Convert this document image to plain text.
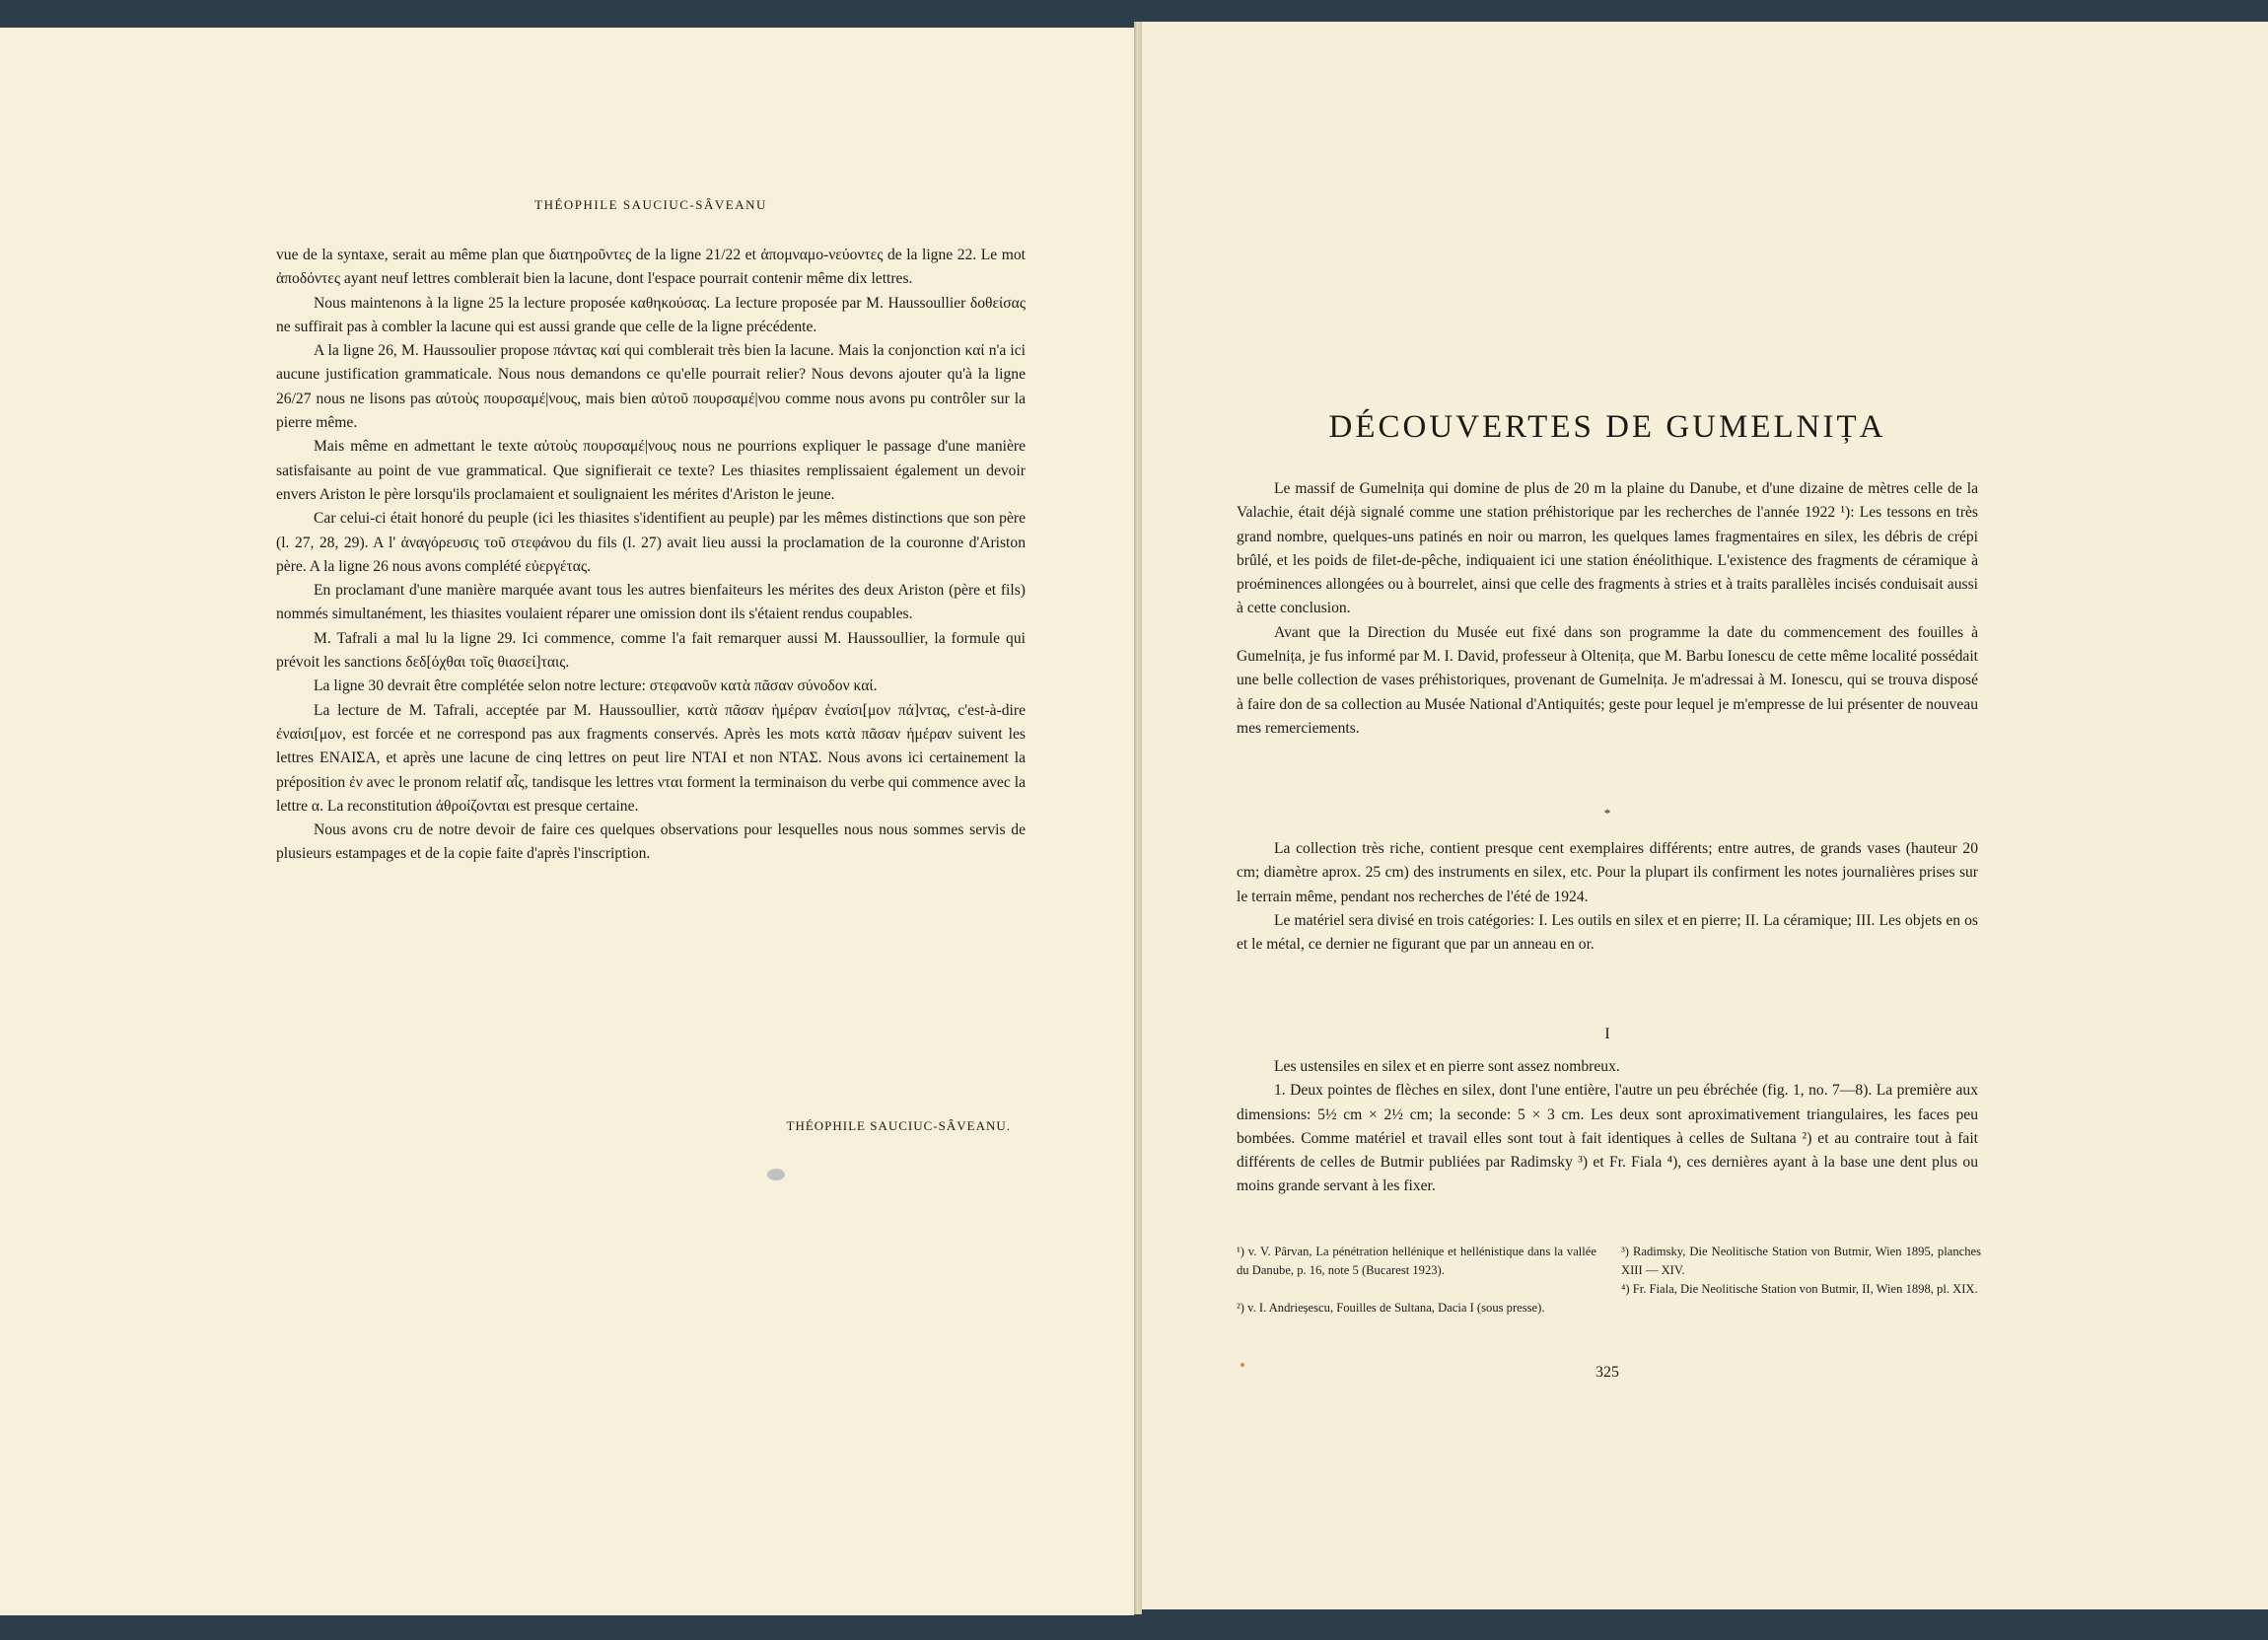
THÉOPHILE SAUCIUC-SÂVEANU

vue de la syntaxe, serait au même plan que διατηροῦντες de la ligne 21/22 et ἀπομναμο-νεύοντες de la ligne 22. Le mot ἀποδόντες ayant neuf lettres comblerait bien la lacune, dont l'espace pourrait contenir même dix lettres.

Nous maintenons à la ligne 25 la lecture proposée καθηκούσας. La lecture proposée par M. Haussoullier δοθείσας ne suffirait pas à combler la lacune qui est aussi grande que celle de la ligne précédente.

A la ligne 26, M. Haussoulier propose πάντας καί qui comblerait très bien la lacune. Mais la conjonction καί n'a ici aucune justification grammaticale. Nous nous demandons ce qu'elle pourrait relier? Nous devons ajouter qu'à la ligne 26/27 nous ne lisons pas αὐτοὺς πουρσαμέ|νους, mais bien αὐτοῦ πουρσαμέ|νου comme nous avons pu contrôler sur la pierre même.

Mais même en admettant le texte αὐτοὺς πουρσαμέ|νους nous ne pourrions expliquer le passage d'une manière satisfaisante au point de vue grammatical. Que signifierait ce texte? Les thiasites remplissaient également un devoir envers Ariston le père lorsqu'ils proclamaient et soulignaient les mérites d'Ariston le jeune.

Car celui-ci était honoré du peuple (ici les thiasites s'identifient au peuple) par les mêmes distinctions que son père (l. 27, 28, 29). A l' ἀναγόρευσις τοῦ στεφάνου du fils (l. 27) avait lieu aussi la proclamation de la couronne d'Ariston père. A la ligne 26 nous avons complété εὐεργέτας.

En proclamant d'une manière marquée avant tous les autres bienfaiteurs les mérites des deux Ariston (père et fils) nommés simultanément, les thiasites voulaient réparer une omission dont ils s'étaient rendus coupables.

M. Tafrali a mal lu la ligne 29. Ici commence, comme l'a fait remarquer aussi M. Haussoullier, la formule qui prévoit les sanctions δεδ[όχθαι τοῖς θιασεί]ταις.

La ligne 30 devrait être complétée selon notre lecture: στεφανοῦν κατὰ πᾶσαν σύνοδον καί.

La lecture de M. Tafrali, acceptée par M. Haussoullier, κατὰ πᾶσαν ἡμέραν ἐναίσι[μον πά]ντας, c'est-à-dire ἐναίσι[μον, est forcée et ne correspond pas aux fragments conservés. Après les mots κατὰ πᾶσαν ἡμέραν suivent les lettres ΕΝΑΙΣΑ, et après une lacune de cinq lettres on peut lire ΝΤΑΙ et non ΝΤΑΣ. Nous avons ici certainement la préposition ἐν avec le pronom relatif αἷς, tandisque les lettres νται forment la terminaison du verbe qui commence avec la lettre α. La reconstitution ἀθροίζονται est presque certaine.

Nous avons cru de notre devoir de faire ces quelques observations pour lesquelles nous nous sommes servis de plusieurs estampages et de la copie faite d'après l'inscription.

THÉOPHILE SAUCIUC-SÂVEANU.
DÉCOUVERTES DE GUMELNIȚA

Le massif de Gumelnița qui domine de plus de 20 m la plaine du Danube, et d'une dizaine de mètres celle de la Valachie, était déjà signalé comme une station préhistorique par les recherches de l'année 1922 ¹): Les tessons en très grand nombre, quelques-uns patinés en noir ou marron, les quelques lames fragmentaires en silex, les débris de crépi brûlé, et les poids de filet-de-pêche, indiquaient ici une station énéolithique. L'existence des fragments de céramique à proéminences allongées ou à bourrelet, ainsi que celle des fragments à stries et à traits parallèles incisés conduisait aussi à cette conclusion.

Avant que la Direction du Musée eut fixé dans son programme la date du commencement des fouilles à Gumelnița, je fus informé par M. I. David, professeur à Oltenița, que M. Barbu Ionescu de cette même localité possédait une belle collection de vases préhistoriques, provenant de Gumelnița. Je m'adressai à M. Ionescu, qui se trouva disposé à faire don de sa collection au Musée National d'Antiquités; geste pour lequel je m'empresse de lui présenter de nouveau mes remerciements.

*

La collection très riche, contient presque cent exemplaires différents; entre autres, de grands vases (hauteur 20 cm; diamètre aprox. 25 cm) des instruments en silex, etc. Pour la plupart ils confirment les notes journalières prises sur le terrain même, pendant nos recherches de l'été de 1924.

Le matériel sera divisé en trois catégories: I. Les outils en silex et en pierre; II. La céramique; III. Les objets en os et le métal, ce dernier ne figurant que par un anneau en or.

I

Les ustensiles en silex et en pierre sont assez nombreux.

1. Deux pointes de flèches en silex, dont l'une entière, l'autre un peu ébréchée (fig. 1, no. 7—8). La première aux dimensions: 5½ cm × 2½ cm; la seconde: 5 × 3 cm. Les deux sont aproximativement triangulaires, les faces peu bombées. Comme matériel et travail elles sont tout à fait identiques à celles de Sultana ²) et au contraire tout à fait différents de celles de Butmir publiées par Radimsky ³) et Fr. Fiala ⁴), ces dernières ayant à la base une dent plus ou moins grande servant à les fixer.

¹) v. V. Pârvan, La pénétration hellénique et hellénistique dans la vallée du Danube, p. 16, note 5 (Bucarest 1923).
²) v. I. Andrieșescu, Fouilles de Sultana, Dacia I (sous presse).
³) Radimsky, Die Neolitische Station von Butmir, Wien 1895, planches XIII — XIV.
⁴) Fr. Fiala, Die Neolitische Station von Butmir, II, Wien 1898, pl. XIX.
325
